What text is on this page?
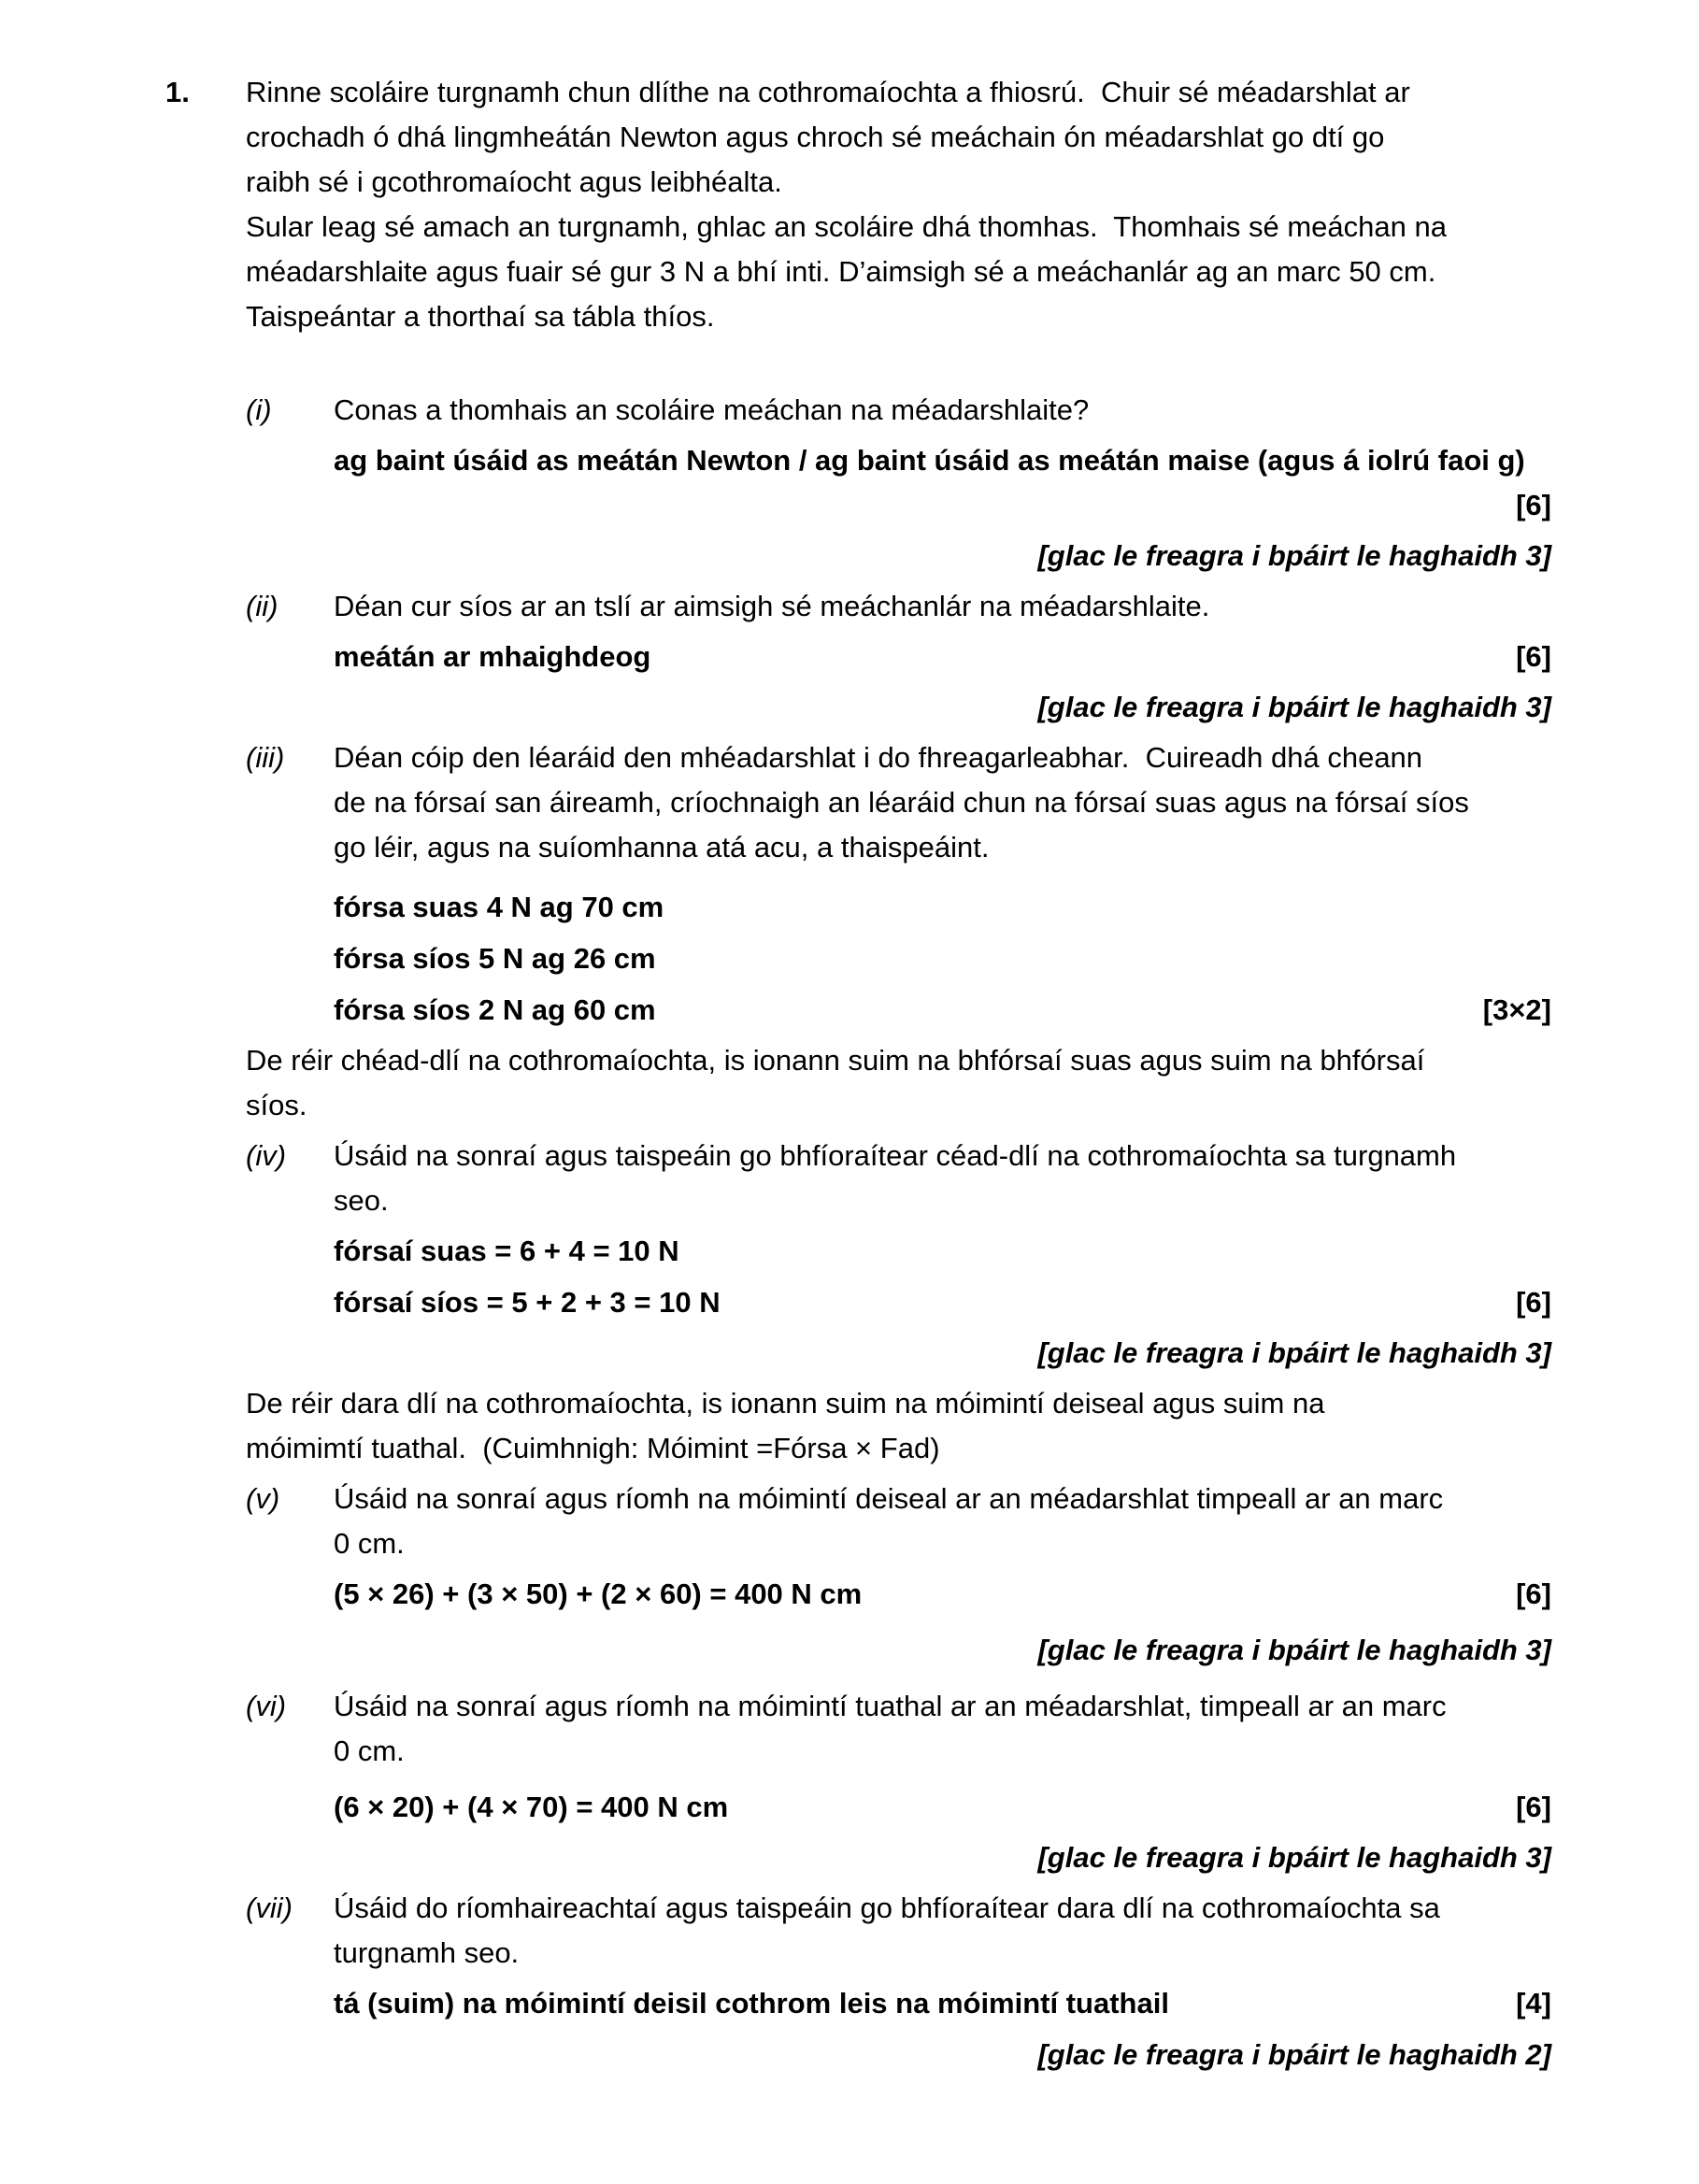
1. Rinne scoláire turgnamh chun dlíthe na cothromaíochta a fhiosrú.  Chuir sé méadarshlat ar
crochadh ó dhá lingmheátán Newton agus chroch sé meáchain ón méadarshlat go dtí go
raibh sé i gcothromaíocht agus leibhéalta.
Sular leag sé amach an turgnamh, ghlac an scoláire dhá thomhas.  Thomhais sé meáchan na
méadarshlaite agus fuair sé gur 3 N a bhí inti. D’aimsigh sé a meáchanlár ag an marc 50 cm.
Taispeántar a thorthaí sa tábla thíos.
(i)	Conas a thomhais an scoláire meáchan na méadarshlaite?
ag baint úsáid as meátán Newton / ag baint úsáid as meátán maise (agus á iolrú faoi g)
[6]
[glac le freagra i bpáirt le haghaidh 3]
(ii)	Déan cur síos ar an tslí ar aimsigh sé meáchanlár na méadarshlaite.
meátán ar mhaighdeog	[6]
[glac le freagra i bpáirt le haghaidh 3]
(iii)	Déan cóip den léaráid den mhéadarshlat i do fhreagarleabhar.  Cuireadh dhá cheann
de na fórsaí san áireamh, críochnaigh an léaráid chun na fórsaí suas agus na fórsaí síos
go léir, agus na suíomhanna atá acu, a thaispeáint.
fórsa suas 4 N ag 70 cm
fórsa síos 5 N ag 26 cm
fórsa síos 2 N ag 60 cm	[3×2]
De réir chéad-dlí na cothromaíochta, is ionann suim na bhfórsaí suas agus suim na bhfórsaí
síos.
(iv)	Úsáid na sonraí agus taispeáin go bhfíoraítear céad-dlí na cothromaíochta sa turgnamh
seo.
fórsaí suas = 6 + 4 = 10 N
fórsaí síos = 5 + 2 + 3 = 10 N	[6]
[glac le freagra i bpáirt le haghaidh 3]
De réir dara dlí na cothromaíochta, is ionann suim na móimintí deiseal agus suim na
móimimtí tuathal.  (Cuimhnigh: Móimint =Fórsa × Fad)
(v)	Úsáid na sonraí agus ríomh na móimintí deiseal ar an méadarshlat timpeall ar an marc
0 cm.
(5 × 26) + (3 × 50) + (2 × 60) = 400 N cm	[6]
[glac le freagra i bpáirt le haghaidh 3]
(vi)	Úsáid na sonraí agus ríomh na móimintí tuathal ar an méadarshlat, timpeall ar an marc
0 cm.
(6 × 20) + (4 × 70) = 400 N cm	[6]
[glac le freagra i bpáirt le haghaidh 3]
(vii)	Úsáid do ríomhaireachtaí agus taispeáin go bhfíoraítear dara dlí na cothromaíochta sa
turgnamh seo.
tá (suim) na móimintí deisil cothrom leis na móimintí tuathail	[4]
[glac le freagra i bpáirt le haghaidh 2]
